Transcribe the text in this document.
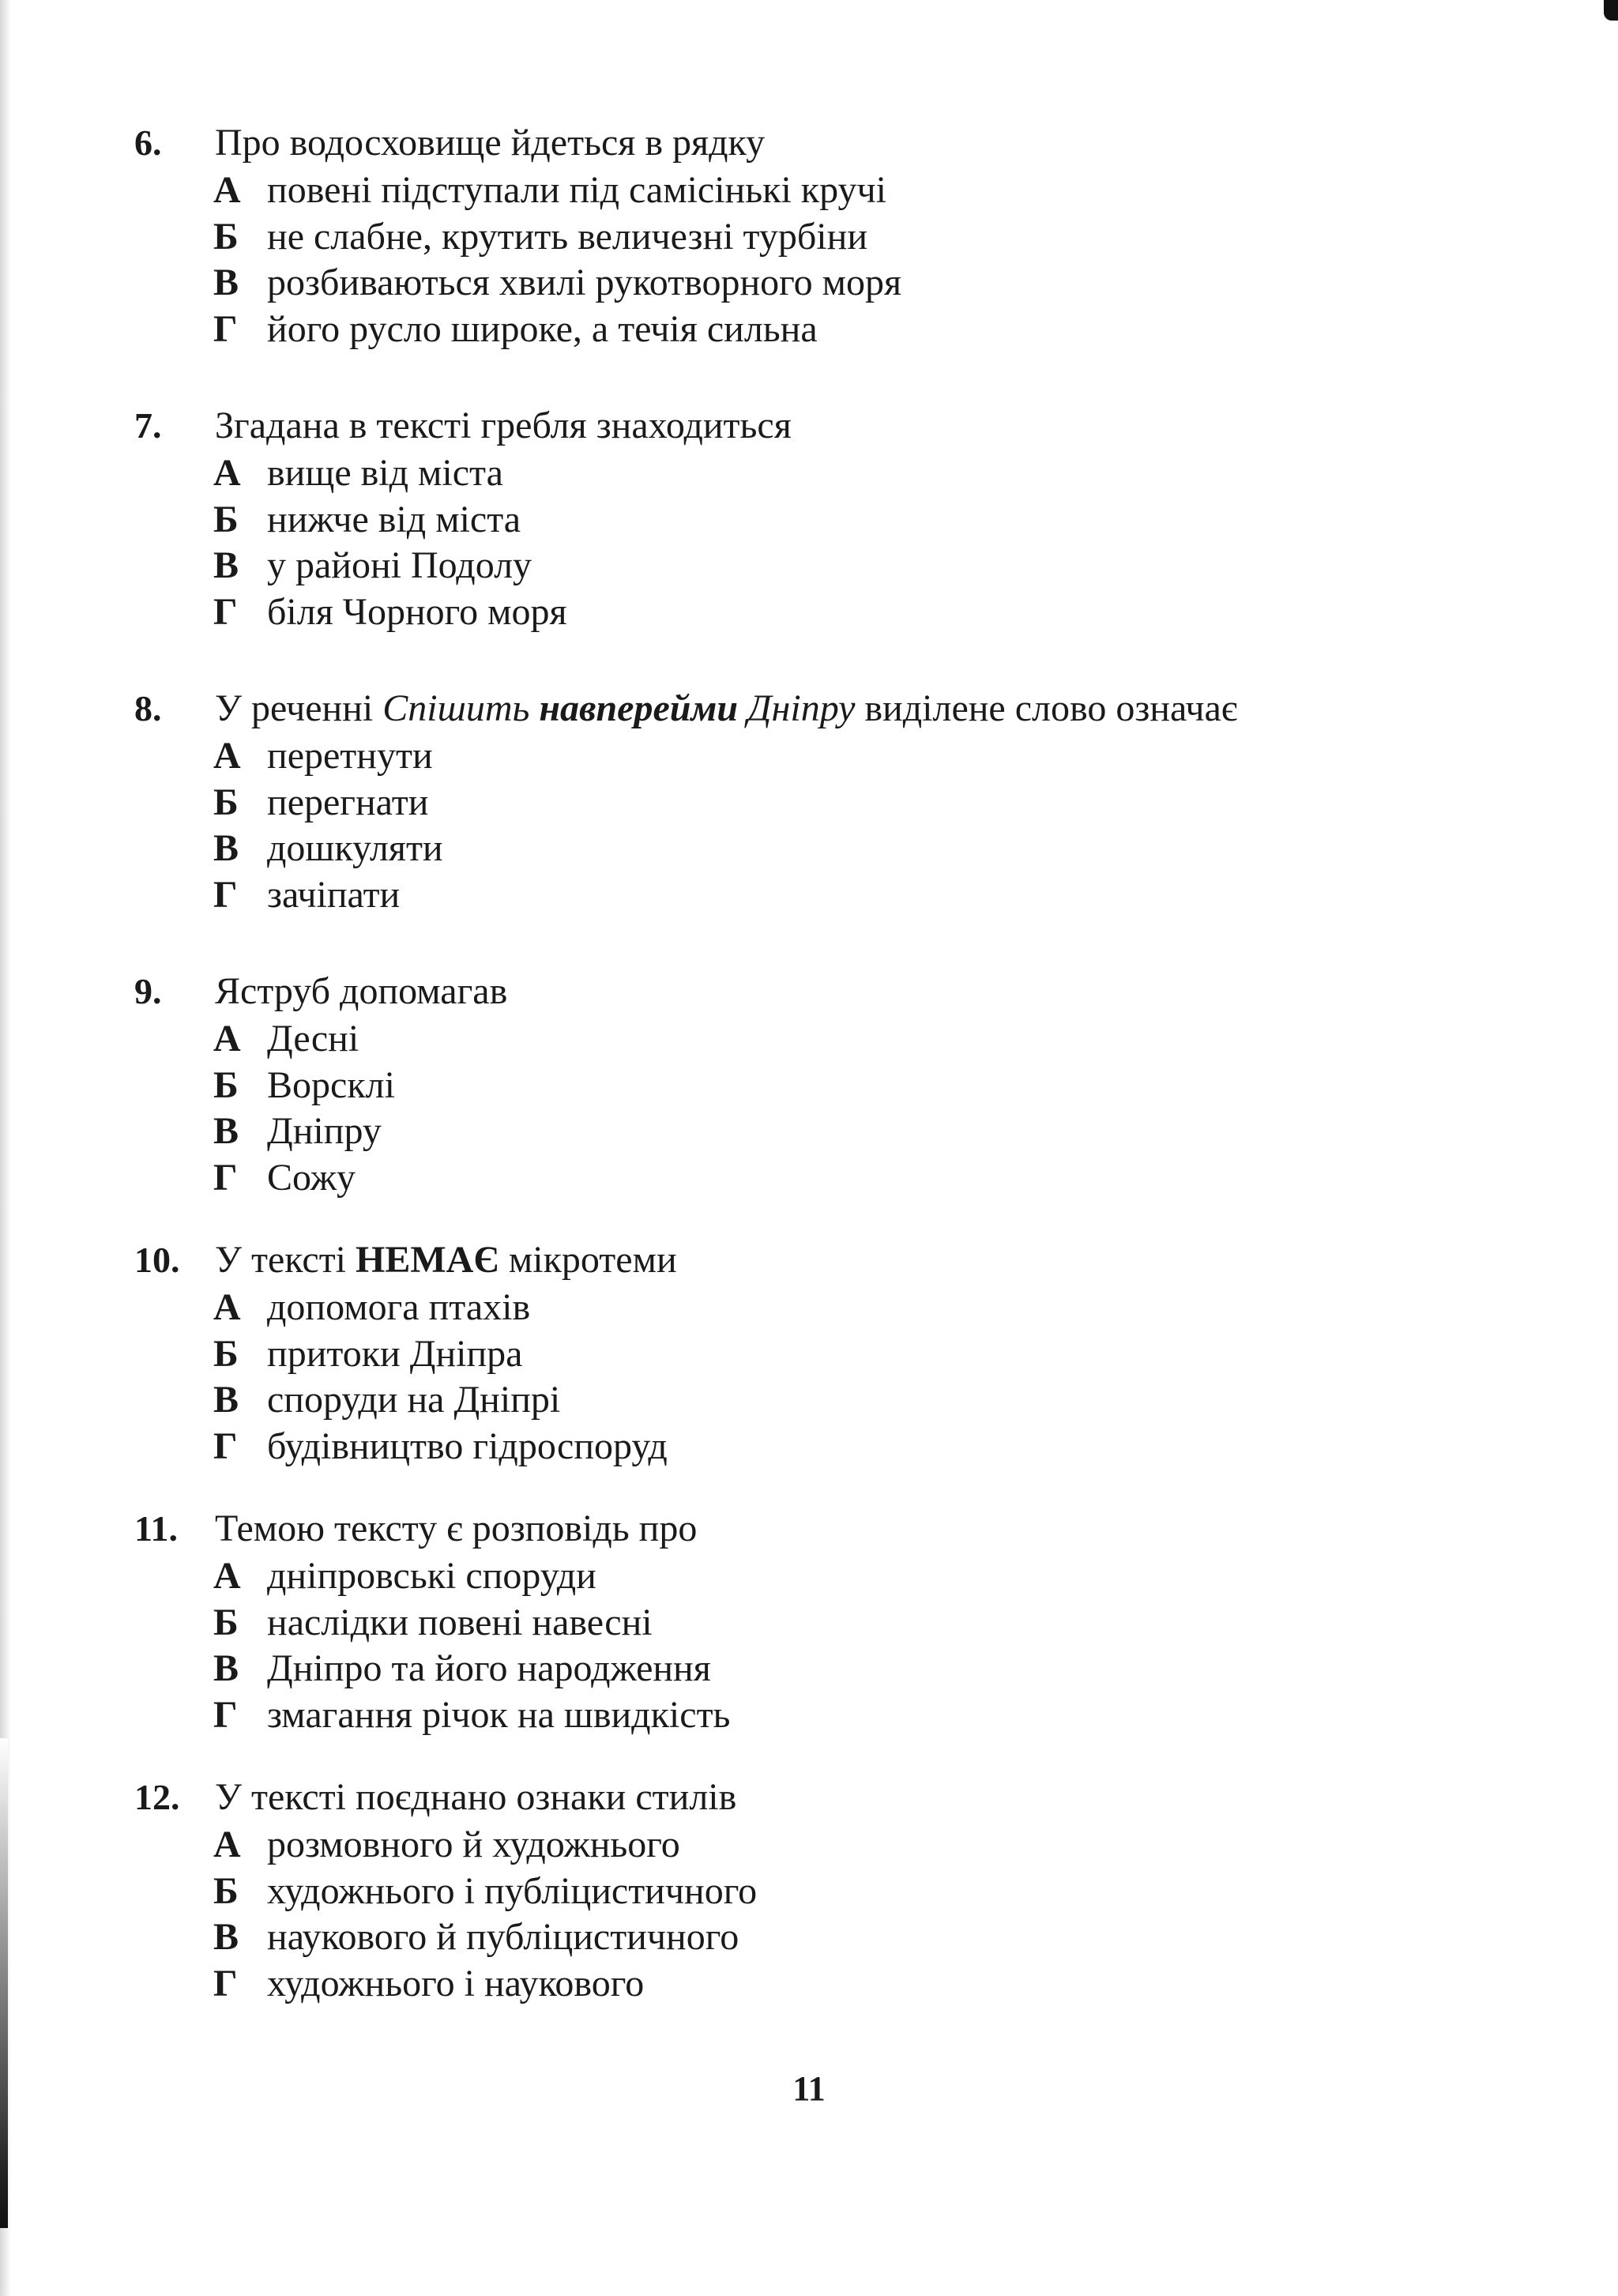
6. Про водосховище йдеться в рядку
А повені підступали під самісінькі кручі
Б не слабне, крутить величезні турбіни
В розбиваються хвилі рукотворного моря
Г його русло широке, а течія сильна
7. Згадана в тексті гребля знаходиться
А вище від міста
Б нижче від міста
В у районі Подолу
Г біля Чорного моря
8. У реченні Спішить навперейми Дніпру виділене слово означає
А перетнути
Б перегнати
В дошкуляти
Г зачіпати
9. Яструб допомагав
А Десні
Б Ворсклі
В Дніпру
Г Сожу
10. У тексті НЕМАЄ мікротеми
А допомога птахів
Б притоки Дніпра
В споруди на Дніпрі
Г будівництво гідроспоруд
11. Темою тексту є розповідь про
А дніпровські споруди
Б наслідки повені навесні
В Дніпро та його народження
Г змагання річок на швидкість
12. У тексті поєднано ознаки стилів
А розмовного й художнього
Б художнього і публіцистичного
В наукового й публіцистичного
Г художнього і наукового
11
